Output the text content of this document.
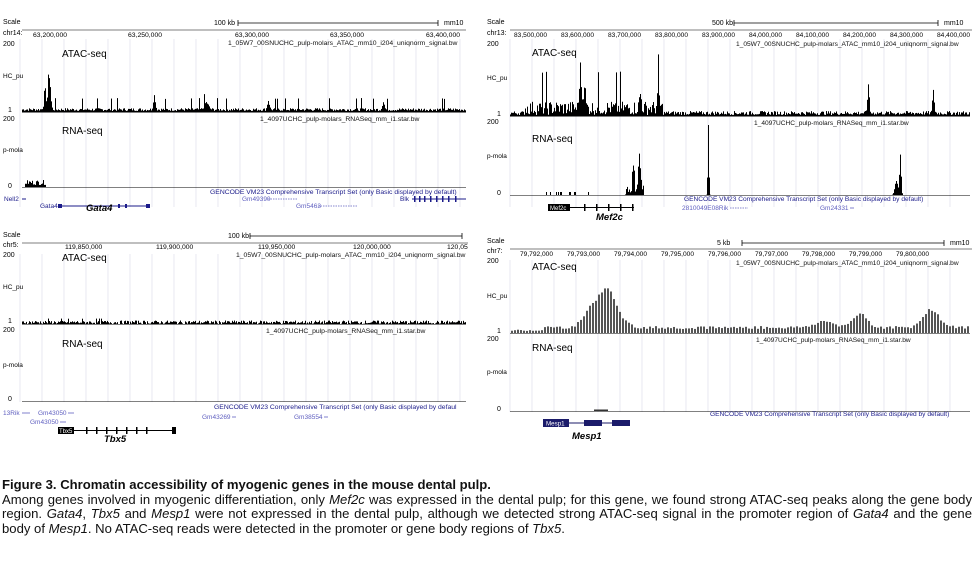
Scale
chr14:
200
HC_pu
1
200
p-mola
0
100 kb	mm10
63,200,000	63,250,000	63,300,000	63,350,000	63,400,000
1_05W7_00SNUCHC_pulp-molars_ATAC_mm10_i204_uniqnorm_signal.bw
ATAC-seq
1_4097UCHC_pulp-molars_RNASeq_mm_i1.star.bw
RNA-seq
GENCODE VM23 Comprehensive Transcript Set (only Basic displayed by default)
Nell2
Gata4	Gata4
Gm49390
Gm5463
Blk
Scale
chr13:
200
HC_pu
1
200
p-mola
0
500 kb	mm10
83,500,000 83,600,000 83,700,000 83,800,000 83,900,000 84,000,000 84,100,000 84,200,000 84,300,000 84,400,000
1_05W7_00SNUCHC_pulp-molars_ATAC_mm10_i204_uniqnorm_signal.bw
ATAC-seq
1_4097UCHC_pulp-molars_RNASeq_mm_i1.star.bw
RNA-seq
GENCODE VM23 Comprehensive Transcript Set (only Basic displayed by default)
Mef2c
Mef2c
2810049E08Rik	Gm24331
Scale
chr5:
200
HC_pu
1
200
p-mola
0
100 kb
119,850,000	119,900,000	119,950,000	120,000,000	120,05
1_05W7_00SNUCHC_pulp-molars_ATAC_mm10_i204_uniqnorm_signal.bw
ATAC-seq
1_4097UCHC_pulp-molars_RNASeq_mm_i1.star.bw
RNA-seq
GENCODE VM23 Comprehensive Transcript Set (only Basic displayed by defaul
13Rik	Gm43050
Gm43050
Tbx5
Tbx5
Gm43269	Gm38554
Scale
chr7:
200
HC_pu
1
200
p-mola
0
5 kb	mm10
79,792,000 79,793,000 79,794,000 79,795,000 79,796,000 79,797,000 79,798,000 79,799,000 79,800,000
1_05W7_00SNUCHC_pulp-molars_ATAC_mm10_i204_uniqnorm_signal.bw
ATAC-seq
1_4097UCHC_pulp-molars_RNASeq_mm_i1.star.bw
RNA-seq
GENCODE VM23 Comprehensive Transcript Set (only Basic displayed by default)
Mesp1
Mesp1
Figure 3. Chromatin accessibility of myogenic genes in the mouse dental pulp.
Among genes involved in myogenic differentiation, only Mef2c was expressed in the dental pulp; for this gene, we found strong ATAC-seq peaks along the gene body region. Gata4, Tbx5 and Mesp1 were not expressed in the dental pulp, although we detected strong ATAC-seq signal in the promoter region of Gata4 and the gene body of Mesp1. No ATAC-seq reads were detected in the promoter or gene body regions of Tbx5.
